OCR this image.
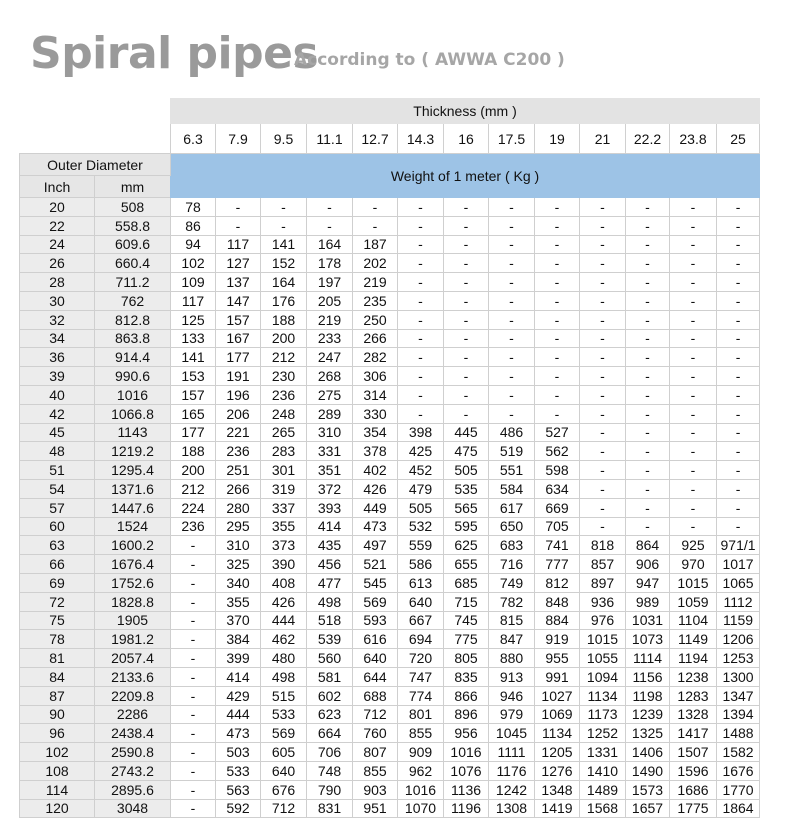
Spiral pipes
According to ( AWWA C200 )
		Thickness (mm )												
		6.3	7.9	9.5	11.1	12.7	14.3	16	17.5	19	21	22.2	23.8	25
Outer Diameter		Weight of 1 meter ( Kg )												
Inch	mm													
20	508	78	-	-	-	-	-	-	-	-	-	-	-	-
22	558.8	86	-	-	-	-	-	-	-	-	-	-	-	-
24	609.6	94	117	141	164	187	-	-	-	-	-	-	-	-
26	660.4	102	127	152	178	202	-	-	-	-	-	-	-	-
28	711.2	109	137	164	197	219	-	-	-	-	-	-	-	-
30	762	117	147	176	205	235	-	-	-	-	-	-	-	-
32	812.8	125	157	188	219	250	-	-	-	-	-	-	-	-
34	863.8	133	167	200	233	266	-	-	-	-	-	-	-	-
36	914.4	141	177	212	247	282	-	-	-	-	-	-	-	-
39	990.6	153	191	230	268	306	-	-	-	-	-	-	-	-
40	1016	157	196	236	275	314	-	-	-	-	-	-	-	-
42	1066.8	165	206	248	289	330	-	-	-	-	-	-	-	-
45	1143	177	221	265	310	354	398	445	486	527	-	-	-	-
48	1219.2	188	236	283	331	378	425	475	519	562	-	-	-	-
51	1295.4	200	251	301	351	402	452	505	551	598	-	-	-	-
54	1371.6	212	266	319	372	426	479	535	584	634	-	-	-	-
57	1447.6	224	280	337	393	449	505	565	617	669	-	-	-	-
60	1524	236	295	355	414	473	532	595	650	705	-	-	-	-
63	1600.2	-	310	373	435	497	559	625	683	741	818	864	925	971/1
66	1676.4	-	325	390	456	521	586	655	716	777	857	906	970	1017
69	1752.6	-	340	408	477	545	613	685	749	812	897	947	1015	1065
72	1828.8	-	355	426	498	569	640	715	782	848	936	989	1059	1112
75	1905	-	370	444	518	593	667	745	815	884	976	1031	1104	1159
78	1981.2	-	384	462	539	616	694	775	847	919	1015	1073	1149	1206
81	2057.4	-	399	480	560	640	720	805	880	955	1055	1114	1194	1253
84	2133.6	-	414	498	581	644	747	835	913	991	1094	1156	1238	1300
87	2209.8	-	429	515	602	688	774	866	946	1027	1134	1198	1283	1347
90	2286	-	444	533	623	712	801	896	979	1069	1173	1239	1328	1394
96	2438.4	-	473	569	664	760	855	956	1045	1134	1252	1325	1417	1488
102	2590.8	-	503	605	706	807	909	1016	1111	1205	1331	1406	1507	1582
108	2743.2	-	533	640	748	855	962	1076	1176	1276	1410	1490	1596	1676
114	2895.6	-	563	676	790	903	1016	1136	1242	1348	1489	1573	1686	1770
120	3048	-	592	712	831	951	1070	1196	1308	1419	1568	1657	1775	1864
